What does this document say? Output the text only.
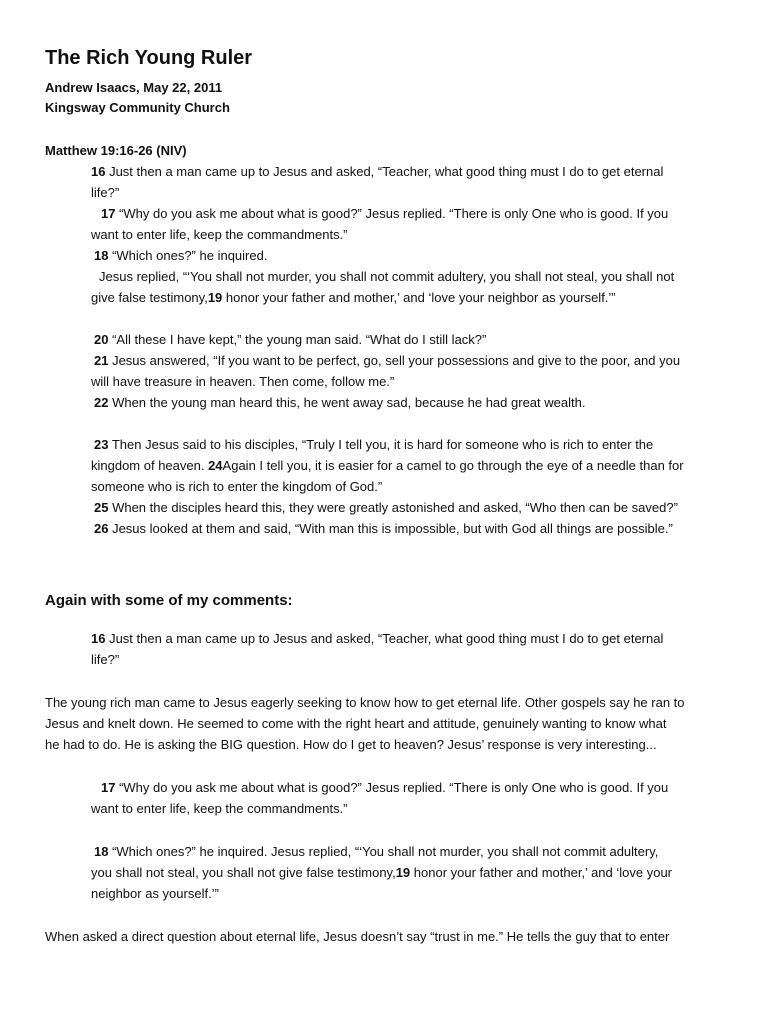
The Rich Young Ruler
Andrew Isaacs, May 22, 2011
Kingsway Community Church
Matthew 19:16-26 (NIV)
Again with some of my comments:
16 Just then a man came up to Jesus and asked, “Teacher, what good thing must I do to get eternal
life?”
17 “Why do you ask me about what is good?” Jesus replied. “There is only One who is good. If you
want to enter life, keep the commandments.”
18 “Which ones?” he inquired.
Jesus replied, “‘You shall not murder, you shall not commit adultery, you shall not steal, you shall not
give false testimony,19 honor your father and mother,’ and ‘love your neighbor as yourself.’”
20 “All these I have kept,” the young man said. “What do I still lack?”
21 Jesus answered, “If you want to be perfect, go, sell your possessions and give to the poor, and you
will have treasure in heaven. Then come, follow me.”
22 When the young man heard this, he went away sad, because he had great wealth.
23 Then Jesus said to his disciples, “Truly I tell you, it is hard for someone who is rich to enter the
kingdom of heaven. 24Again I tell you, it is easier for a camel to go through the eye of a needle than for
someone who is rich to enter the kingdom of God.”
25 When the disciples heard this, they were greatly astonished and asked, “Who then can be saved?”
26 Jesus looked at them and said, “With man this is impossible, but with God all things are possible.”
16 Just then a man came up to Jesus and asked, “Teacher, what good thing must I do to get eternal
life?”
The young rich man came to Jesus eagerly seeking to know how to get eternal life. Other gospels say he ran to
Jesus and knelt down. He seemed to come with the right heart and attitude, genuinely wanting to know what
he had to do. He is asking the BIG question. How do I get to heaven? Jesus’ response is very interesting...
17 “Why do you ask me about what is good?” Jesus replied. “There is only One who is good. If you
want to enter life, keep the commandments.”
18 “Which ones?” he inquired. Jesus replied, “‘You shall not murder, you shall not commit adultery,
you shall not steal, you shall not give false testimony,19 honor your father and mother,’ and ‘love your
neighbor as yourself.’”
When asked a direct question about eternal life, Jesus doesn’t say “trust in me.” He tells the guy that to enter
